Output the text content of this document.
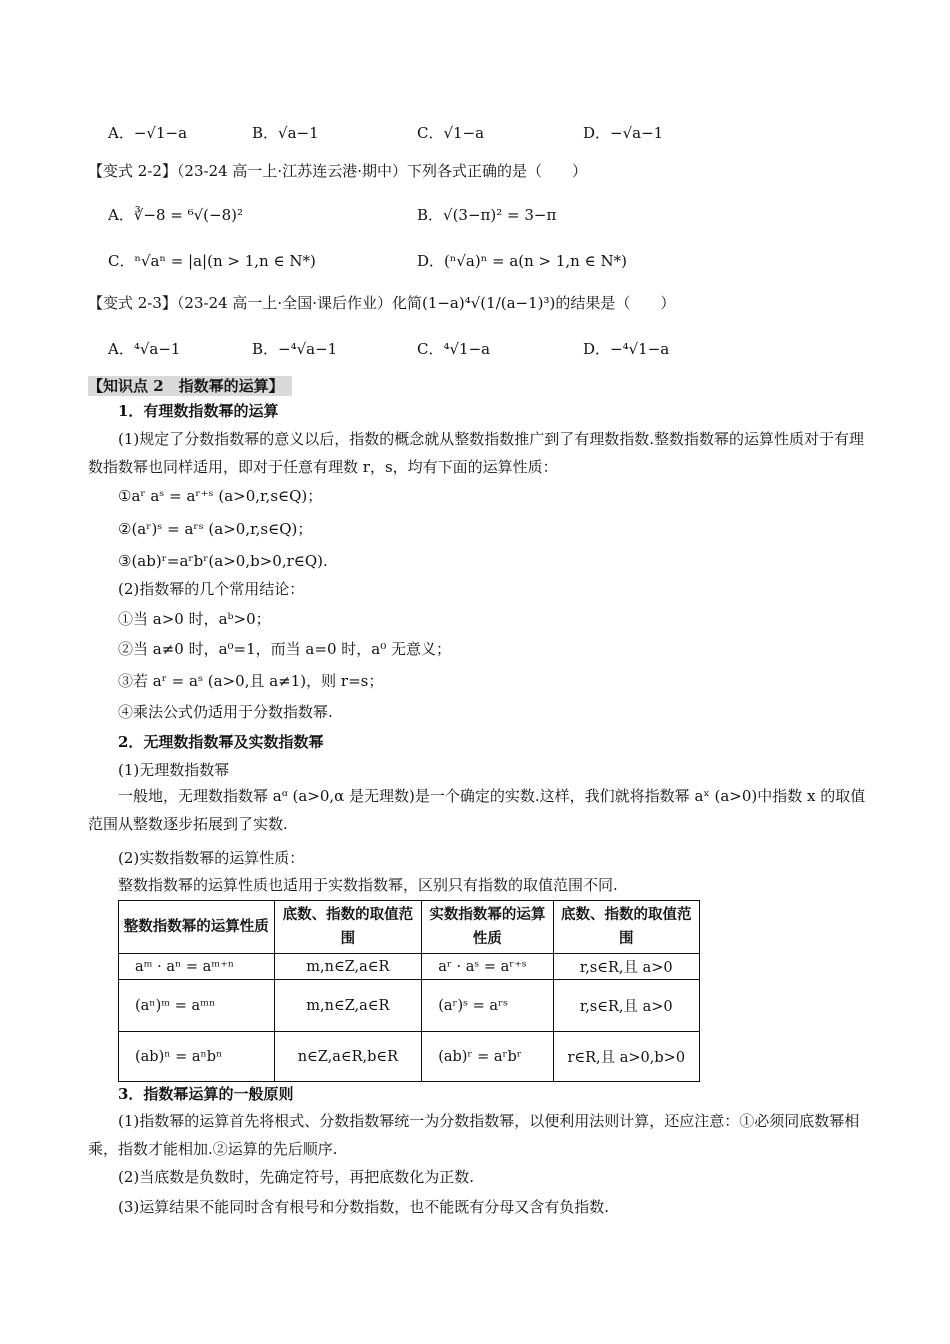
A．−√1−a	B．√a−1	C．√1−a	D．−√a−1
【变式 2-2】（23-24 高一上·江苏连云港·期中）下列各式正确的是（　　）
A．∛−8 = ⁶√(−8)²	B．√(3−π)² = 3−π
C．ⁿ√aⁿ = |a|(n > 1,n ∈ N*)	D．(ⁿ√a)ⁿ = a(n > 1,n ∈ N*)
【变式 2-3】（23-24 高一上·全国·课后作业）化简(1−a)⁴√(1/(a−1)³)的结果是（　　）
A．⁴√a−1	B．−⁴√a−1	C．⁴√1−a	D．−⁴√1−a
【知识点 2　指数幂的运算】
1．有理数指数幂的运算
(1)规定了分数指数幂的意义以后，指数的概念就从整数指数推广到了有理数指数.整数指数幂的运算性质对于有理数指数幂也同样适用，即对于任意有理数 r，s，均有下面的运算性质：
①aʳ aˢ = aʳ⁺ˢ (a>0,r,s∈Q)；
②(aʳ)ˢ = aʳˢ (a>0,r,s∈Q)；
③(ab)ʳ=aʳbʳ(a>0,b>0,r∈Q).
(2)指数幂的几个常用结论：
①当 a>0 时，aᵇ>0；
②当 a≠0 时，a⁰=1，而当 a=0 时，a⁰ 无意义；
③若 aʳ = aˢ (a>0,且 a≠1)，则 r=s；
④乘法公式仍适用于分数指数幂.
2．无理数指数幂及实数指数幂
(1)无理数指数幂
一般地，无理数指数幂 aᵅ (a>0,α 是无理数)是一个确定的实数.这样，我们就将指数幂 aˣ (a>0)中指数 x 的取值范围从整数逐步拓展到了实数.
(2)实数指数幂的运算性质：
整数指数幂的运算性质也适用于实数指数幂，区别只有指数的取值范围不同.
整数指数幂的运算性质	底数、指数的取值范围	实数指数幂的运算性质	底数、指数的取值范围
aᵐ · aⁿ = aᵐ⁺ⁿ	m,n∈Z,a∈R	aʳ · aˢ = aʳ⁺ˢ	r,s∈R,且 a>0
(aⁿ)ᵐ = aᵐⁿ	m,n∈Z,a∈R	(aʳ)ˢ = aʳˢ	r,s∈R,且 a>0
(ab)ⁿ = aⁿbⁿ	n∈Z,a∈R,b∈R	(ab)ʳ = aʳbʳ	r∈R,且 a>0,b>0
3．指数幂运算的一般原则
(1)指数幂的运算首先将根式、分数指数幂统一为分数指数幂，以便利用法则计算，还应注意：①必须同底数幂相乘，指数才能相加.②运算的先后顺序.
(2)当底数是负数时，先确定符号，再把底数化为正数.
(3)运算结果不能同时含有根号和分数指数，也不能既有分母又含有负指数.
